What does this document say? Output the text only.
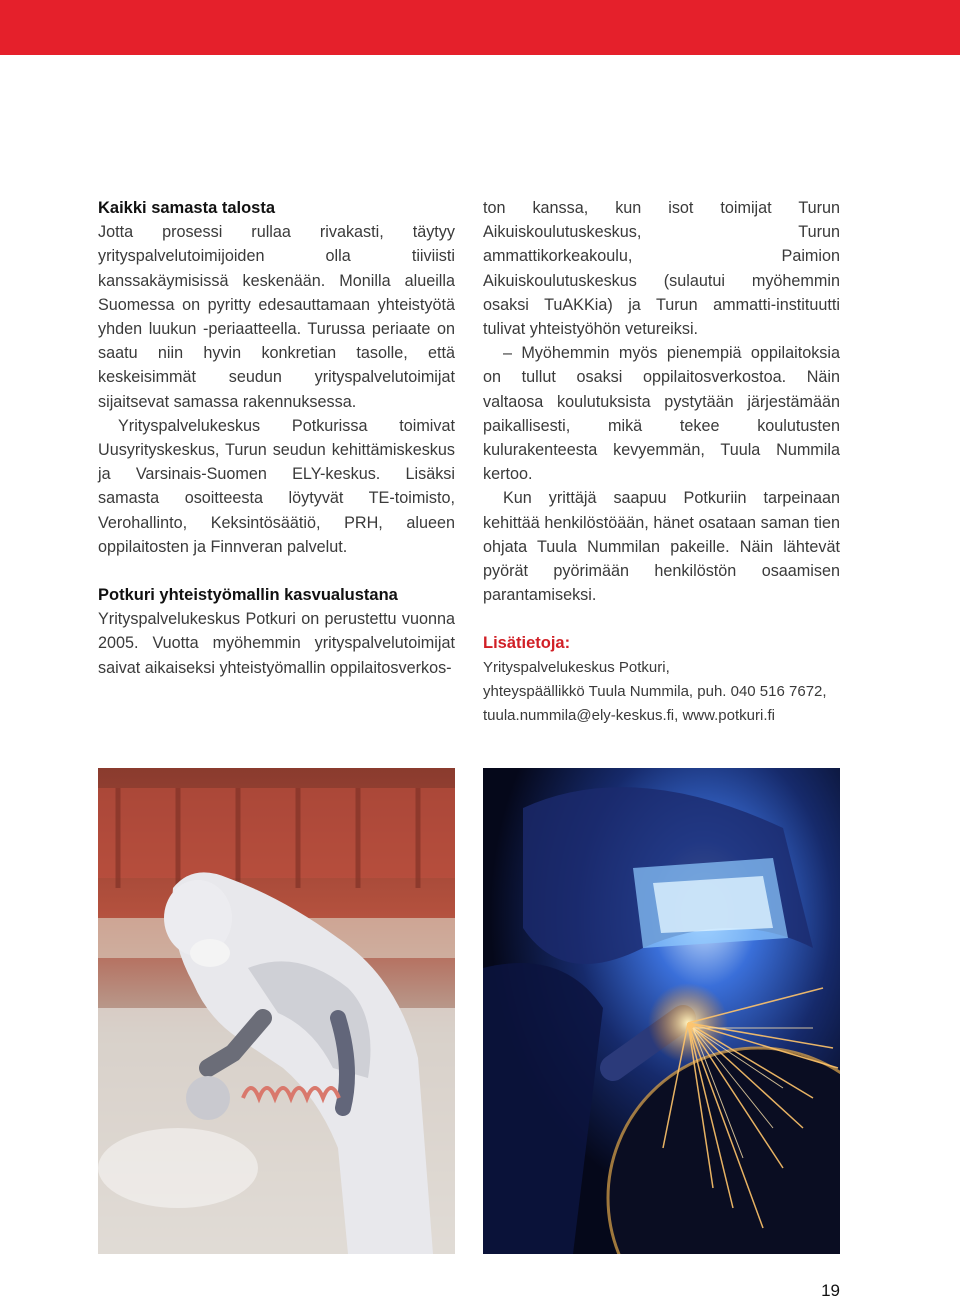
Kaikki samasta talosta

Jotta prosessi rullaa rivakasti, täytyy yrityspalvelutoimijoiden olla tiiviisti kanssakäymisissä keskenään. Monilla alueilla Suomessa on pyritty edesauttamaan yhteistyötä yhden luukun -periaatteella. Turussa periaate on saatu niin hyvin konkretian tasolle, että keskeisimmät seudun yrityspalvelutoimijat sijaitsevat samassa rakennuksessa.

Yrityspalvelukeskus Potkurissa toimivat Uusyrityskeskus, Turun seudun kehittämiskeskus ja Varsinais-Suomen ELY-keskus. Lisäksi samasta osoitteesta löytyvät TE-toimisto, Verohallinto, Keksintösäätiö, PRH, alueen oppilaitosten ja Finnveran palvelut.

Potkuri yhteistyömallin kasvualustana

Yrityspalvelukeskus Potkuri on perustettu vuonna 2005. Vuotta myöhemmin yrityspalvelutoimijat saivat aikaiseksi yhteistyömallin oppilaitosverkos-

ton kanssa, kun isot toimijat Turun Aikuiskoulutuskeskus, Turun ammattikorkeakoulu, Paimion Aikuiskoulutuskeskus (sulautui myöhemmin osaksi TuAKKia) ja Turun ammatti-instituutti tulivat yhteistyöhön vetureiksi.

– Myöhemmin myös pienempiä oppilaitoksia on tullut osaksi oppilaitosverkostoa. Näin valtaosa koulutuksista pystytään järjestämään paikallisesti, mikä tekee koulutusten kulurakenteesta kevyemmän, Tuula Nummila kertoo.

Kun yrittäjä saapuu Potkuriin tarpeinaan kehittää henkilöstöään, hänet osataan saman tien ohjata Tuula Nummilan pakeille. Näin lähtevät pyörät pyörimään henkilöstön osaamisen parantamiseksi.

Lisätietoja:

Yrityspalvelukeskus Potkuri,

yhteyspäällikkö Tuula Nummila, puh. 040 516 7672,

tuula.nummila@ely-keskus.fi, www.potkuri.fi

19
